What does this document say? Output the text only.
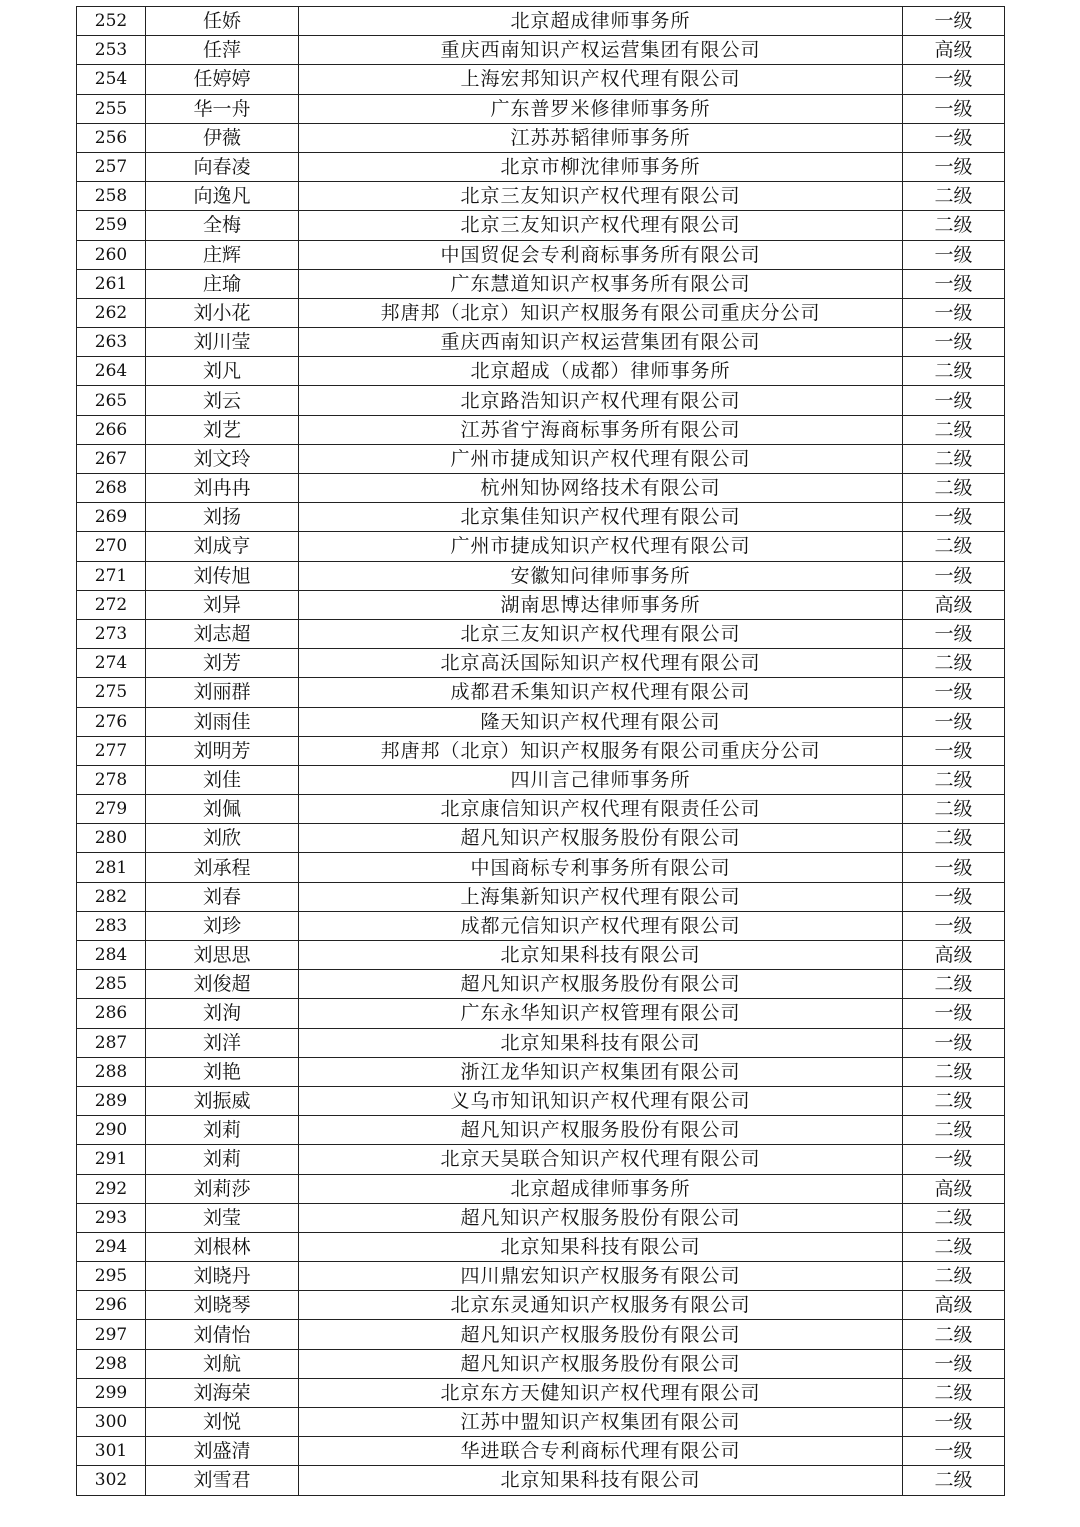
252	任娇	北京超成律师事务所	一级
253	任萍	重庆西南知识产权运营集团有限公司	高级
254	任婷婷	上海宏邦知识产权代理有限公司	一级
255	华一舟	广东普罗米修律师事务所	一级
256	伊薇	江苏苏韬律师事务所	一级
257	向春凌	北京市柳沈律师事务所	一级
258	向逸凡	北京三友知识产权代理有限公司	二级
259	全梅	北京三友知识产权代理有限公司	二级
260	庄辉	中国贸促会专利商标事务所有限公司	一级
261	庄瑜	广东慧道知识产权事务所有限公司	一级
262	刘小花	邦唐邦（北京）知识产权服务有限公司重庆分公司	一级
263	刘川莹	重庆西南知识产权运营集团有限公司	一级
264	刘凡	北京超成（成都）律师事务所	二级
265	刘云	北京路浩知识产权代理有限公司	一级
266	刘艺	江苏省宁海商标事务所有限公司	二级
267	刘文玲	广州市捷成知识产权代理有限公司	二级
268	刘冉冉	杭州知协网络技术有限公司	二级
269	刘扬	北京集佳知识产权代理有限公司	一级
270	刘成亨	广州市捷成知识产权代理有限公司	二级
271	刘传旭	安徽知问律师事务所	一级
272	刘异	湖南思博达律师事务所	高级
273	刘志超	北京三友知识产权代理有限公司	一级
274	刘芳	北京高沃国际知识产权代理有限公司	二级
275	刘丽群	成都君禾集知识产权代理有限公司	一级
276	刘雨佳	隆天知识产权代理有限公司	一级
277	刘明芳	邦唐邦（北京）知识产权服务有限公司重庆分公司	一级
278	刘佳	四川言己律师事务所	二级
279	刘佩	北京康信知识产权代理有限责任公司	二级
280	刘欣	超凡知识产权服务股份有限公司	二级
281	刘承程	中国商标专利事务所有限公司	一级
282	刘春	上海集新知识产权代理有限公司	一级
283	刘珍	成都元信知识产权代理有限公司	一级
284	刘思思	北京知果科技有限公司	高级
285	刘俊超	超凡知识产权服务股份有限公司	二级
286	刘洵	广东永华知识产权管理有限公司	一级
287	刘洋	北京知果科技有限公司	一级
288	刘艳	浙江龙华知识产权集团有限公司	二级
289	刘振威	义乌市知讯知识产权代理有限公司	二级
290	刘莉	超凡知识产权服务股份有限公司	二级
291	刘莉	北京天昊联合知识产权代理有限公司	一级
292	刘莉莎	北京超成律师事务所	高级
293	刘莹	超凡知识产权服务股份有限公司	二级
294	刘根林	北京知果科技有限公司	二级
295	刘晓丹	四川鼎宏知识产权服务有限公司	二级
296	刘晓琴	北京东灵通知识产权服务有限公司	高级
297	刘倩怡	超凡知识产权服务股份有限公司	二级
298	刘航	超凡知识产权服务股份有限公司	一级
299	刘海荣	北京东方天健知识产权代理有限公司	二级
300	刘悦	江苏中盟知识产权集团有限公司	一级
301	刘盛清	华进联合专利商标代理有限公司	一级
302	刘雪君	北京知果科技有限公司	二级
